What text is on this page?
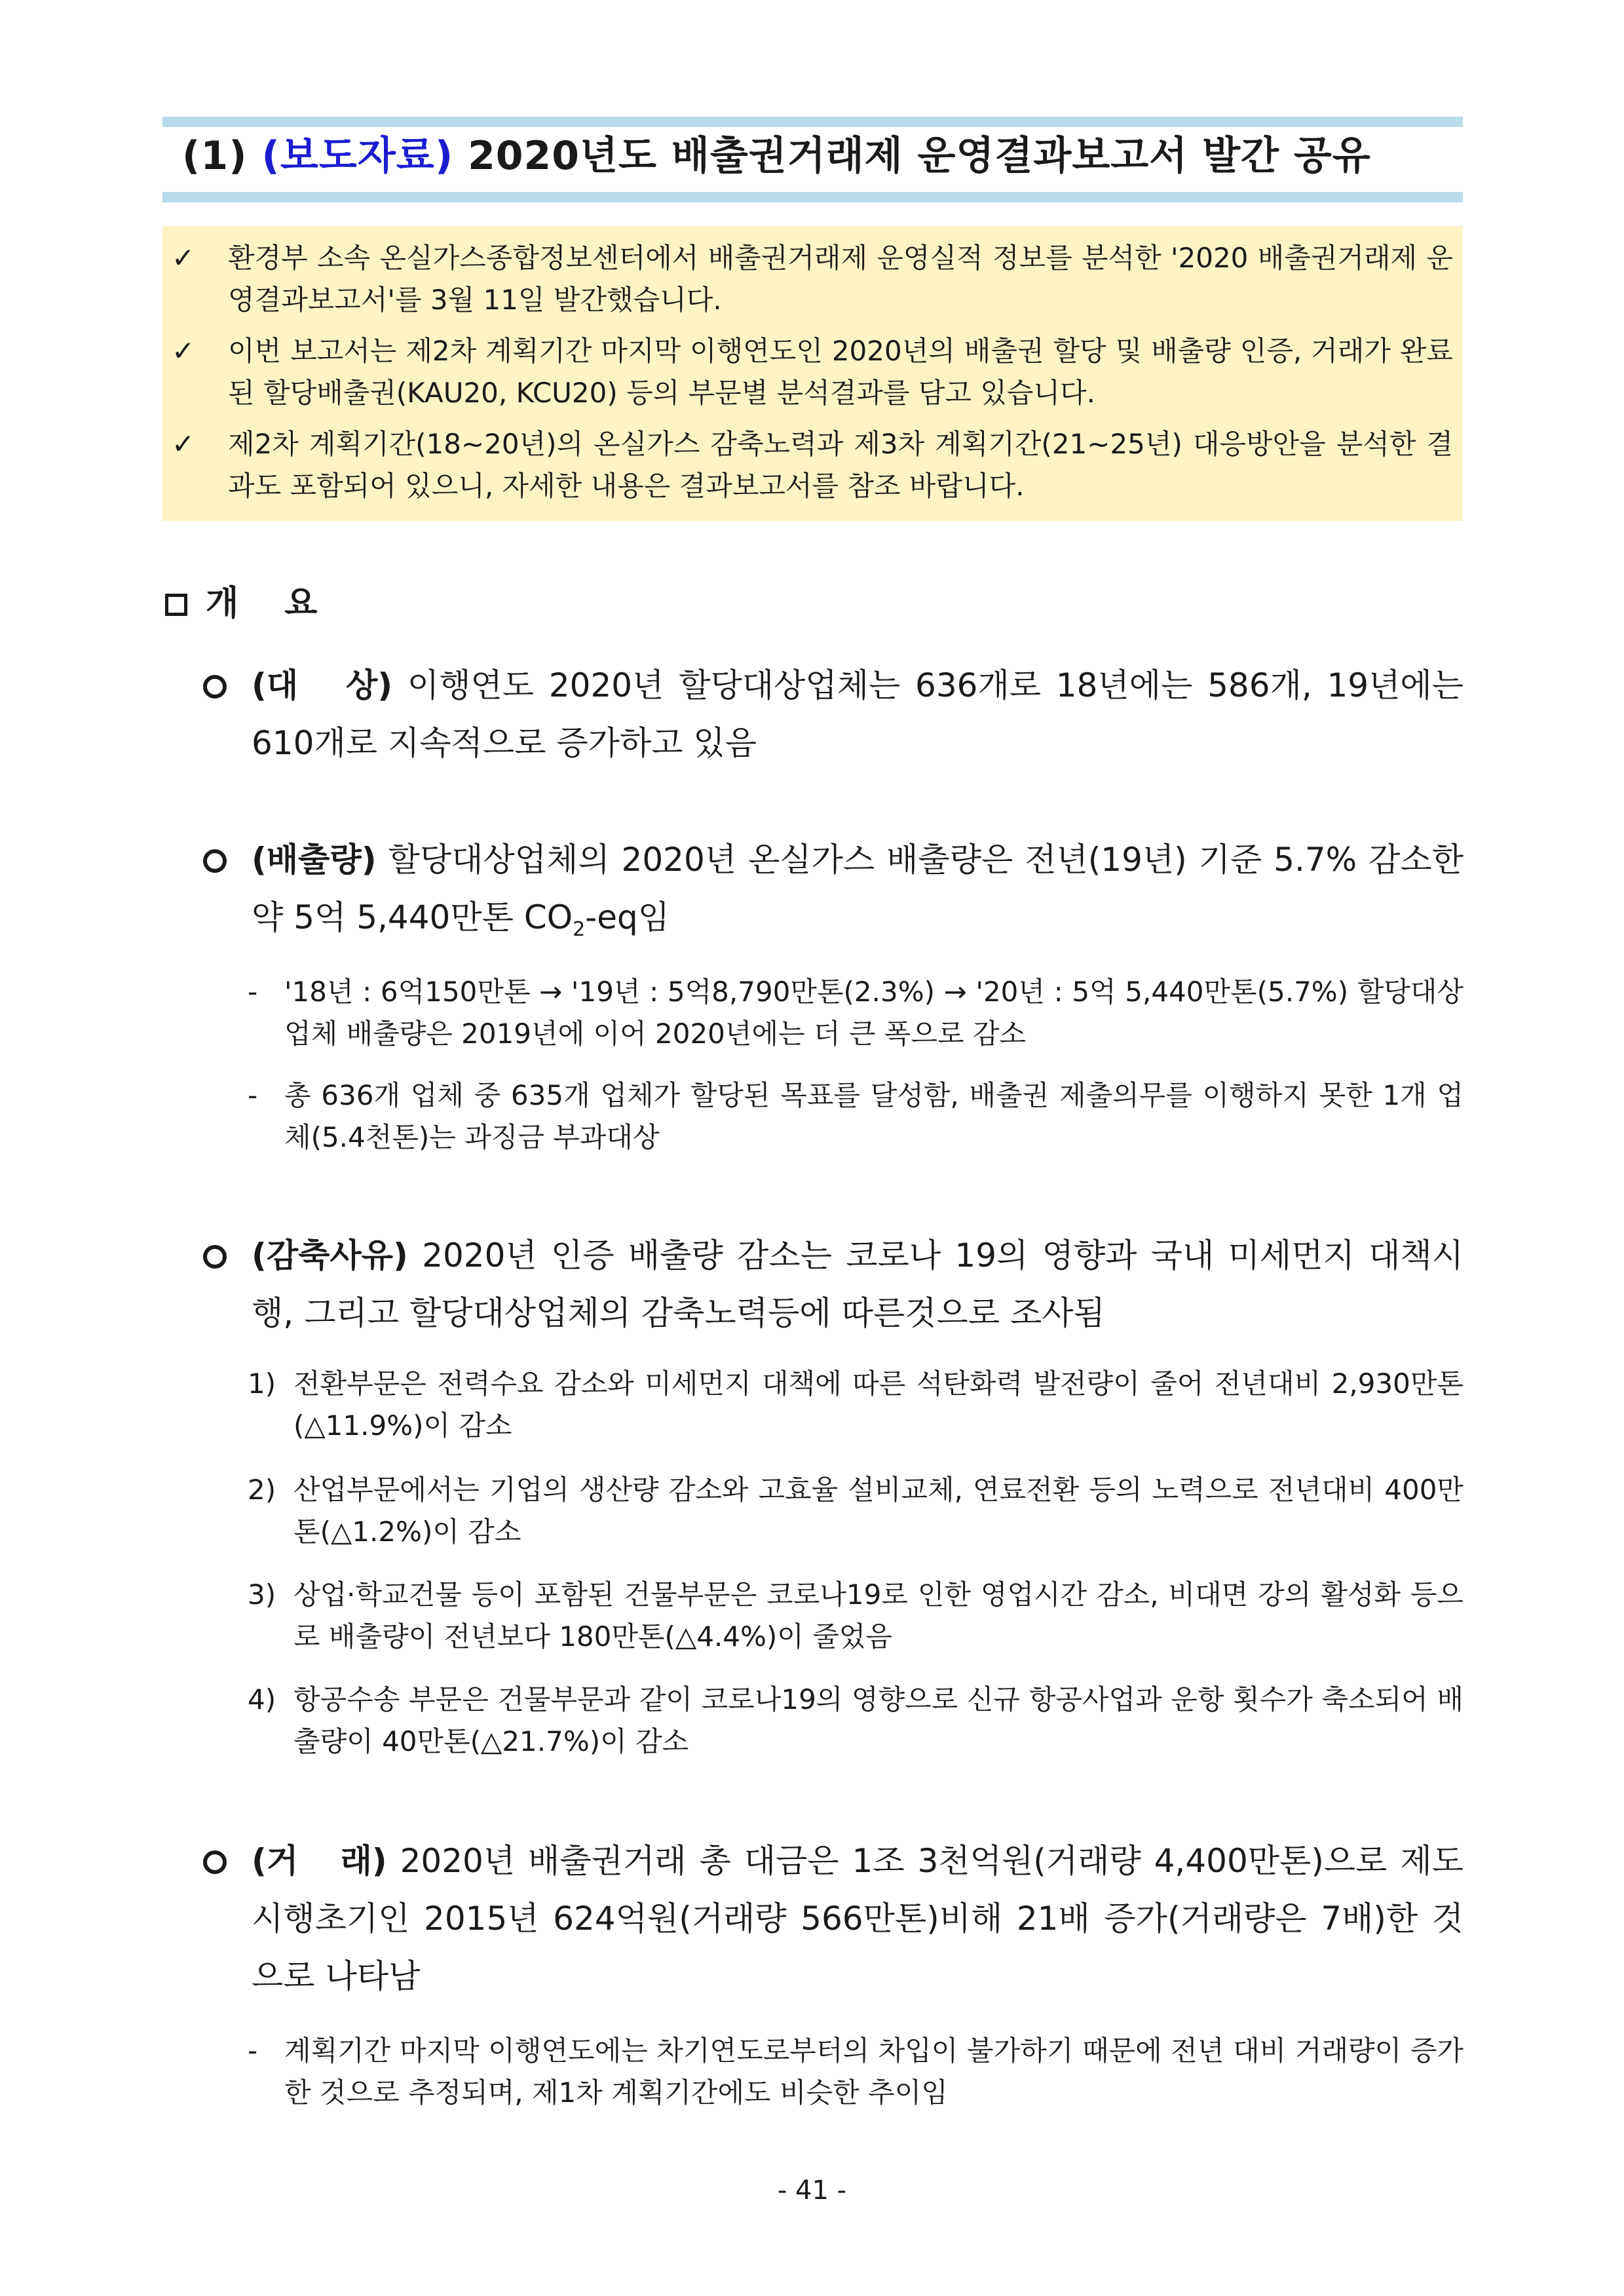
(1) (보도자료) 2020년도 배출권거래제 운영결과보고서 발간 공유
✓ 환경부 소속 온실가스종합정보센터에서 배출권거래제 운영실적 정보를 분석한 '2020 배출권거래제 운영결과보고서'를 3월 11일 발간했습니다.
✓ 이번 보고서는 제2차 계획기간 마지막 이행연도인 2020년의 배출권 할당 및 배출량 인증, 거래가 완료된 할당배출권(KAU20, KCU20) 등의 부문별 분석결과를 담고 있습니다.
✓ 제2차 계획기간(18~20년)의 온실가스 감축노력과 제3차 계획기간(21~25년) 대응방안을 분석한 결과도 포함되어 있으니, 자세한 내용은 결과보고서를 참조 바랍니다.
개 요
(대   상) 이행연도 2020년 할당대상업체는 636개로 18년에는 586개, 19년에는 610개로 지속적으로 증가하고 있음
(배출량) 할당대상업체의 2020년 온실가스 배출량은 전년(19년) 기준 5.7% 감소한 약 5억 5,440만톤 $CO_2-eq$임
- '18년 : 6억150만톤 → '19년 : 5억8,790만톤(2.3%) → '20년 : 5억 5,440만톤(5.7%) 할당대상업체 배출량은 2019년에 이어 2020년에는 더 큰 폭으로 감소
- 총 636개 업체 중 635개 업체가 할당된 목표를 달성함, 배출권 제출의무를 이행하지 못한 1개 업체(5.4천톤)는 과징금 부과대상
(감축사유) 2020년 인증 배출량 감소는 코로나 19의 영향과 국내 미세먼지 대책시행, 그리고 할당대상업체의 감축노력등에 따른것으로 조사됨
1) 전환부문은 전력수요 감소와 미세먼지 대책에 따른 석탄화력 발전량이 줄어 전년대비 2,930만톤(△11.9%)이 감소
2) 산업부문에서는 기업의 생산량 감소와 고효율 설비교체, 연료전환 등의 노력으로 전년대비 400만톤(△1.2%)이 감소
3) 상업·학교건물 등이 포함된 건물부문은 코로나19로 인한 영업시간 감소, 비대면 강의 활성화 등으로 배출량이 전년보다 180만톤(△4.4%)이 줄었음
4) 항공수송 부문은 건물부문과 같이 코로나19의 영향으로 신규 항공사업과 운항 횟수가 축소되어 배출량이 40만톤(△21.7%)이 감소
(거   래) 2020년 배출권거래 총 대금은 1조 3천억원(거래량 4,400만톤)으로 제도 시행초기인 2015년 624억원(거래량 566만톤)비해 21배 증가(거래량은 7배)한 것으로 나타남
- 계획기간 마지막 이행연도에는 차기연도로부터의 차입이 불가하기 때문에 전년 대비 거래량이 증가한 것으로 추정되며, 제1차 계획기간에도 비슷한 추이임
- 41 -
